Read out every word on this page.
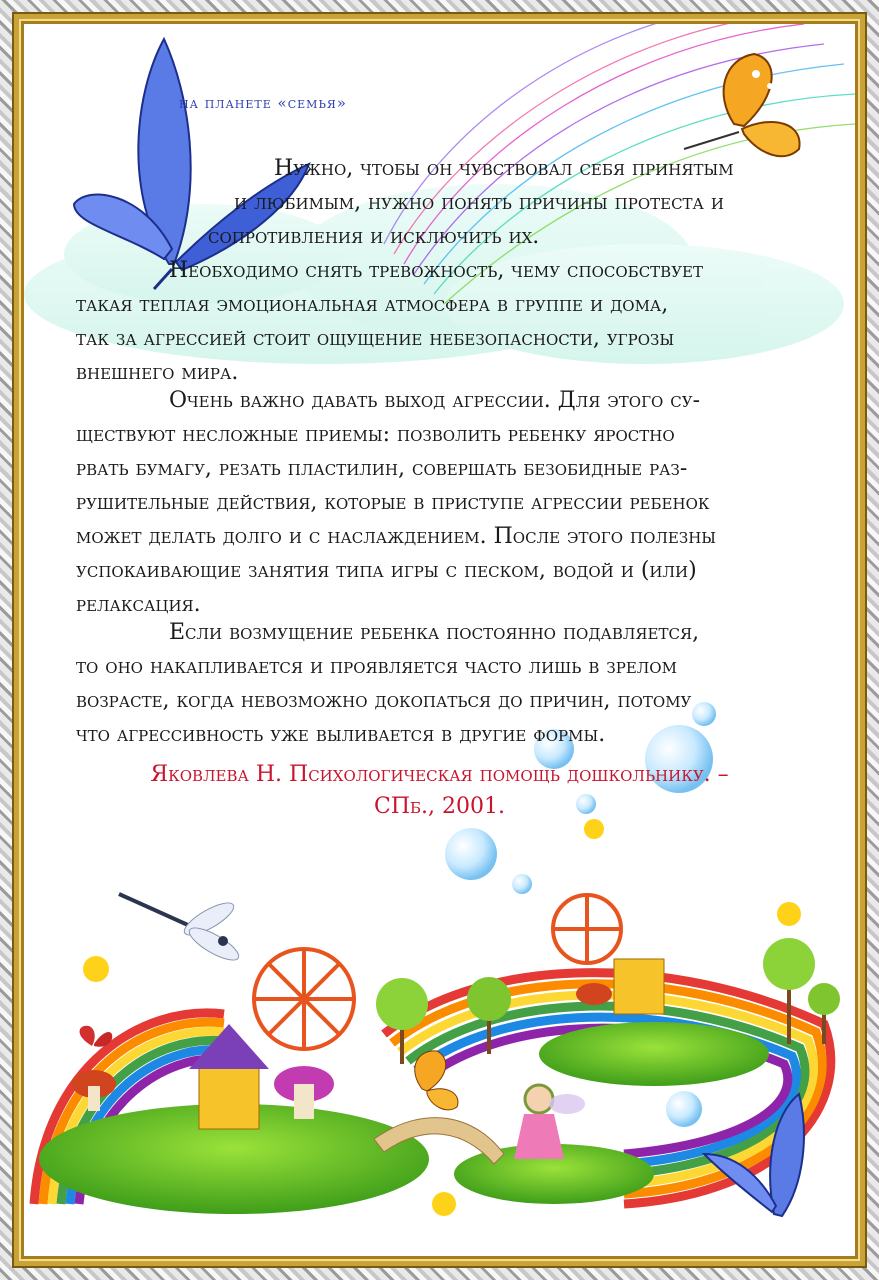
на планете «семья»
Нужно, чтобы он чувствовал себя принятым
и любимым, нужно понять причины протеста и
сопротивления и исключить их.
Необходимо снять тревожность, чему способствует
такая теплая эмоциональная атмосфера в группе и дома,
так за агрессией стоит ощущение небезопасности, угрозы
внешнего мира.
Очень важно давать выход агрессии. Для этого су-
ществуют несложные приемы: позволить ребенку яростно
рвать бумагу, резать пластилин, совершать безобидные раз-
рушительные действия, которые в приступе агрессии ребенок
может делать долго и с наслаждением. После этого полезны
успокаивающие занятия типа игры с песком, водой и (или)
релаксация.
Если возмущение ребенка постоянно подавляется,
то оно накапливается и проявляется часто лишь в зрелом
возрасте, когда невозможно докопаться до причин, потому
что агрессивность уже выливается в другие формы.
Яковлева Н. Психологическая помощь дошкольнику. –
СПб., 2001.
